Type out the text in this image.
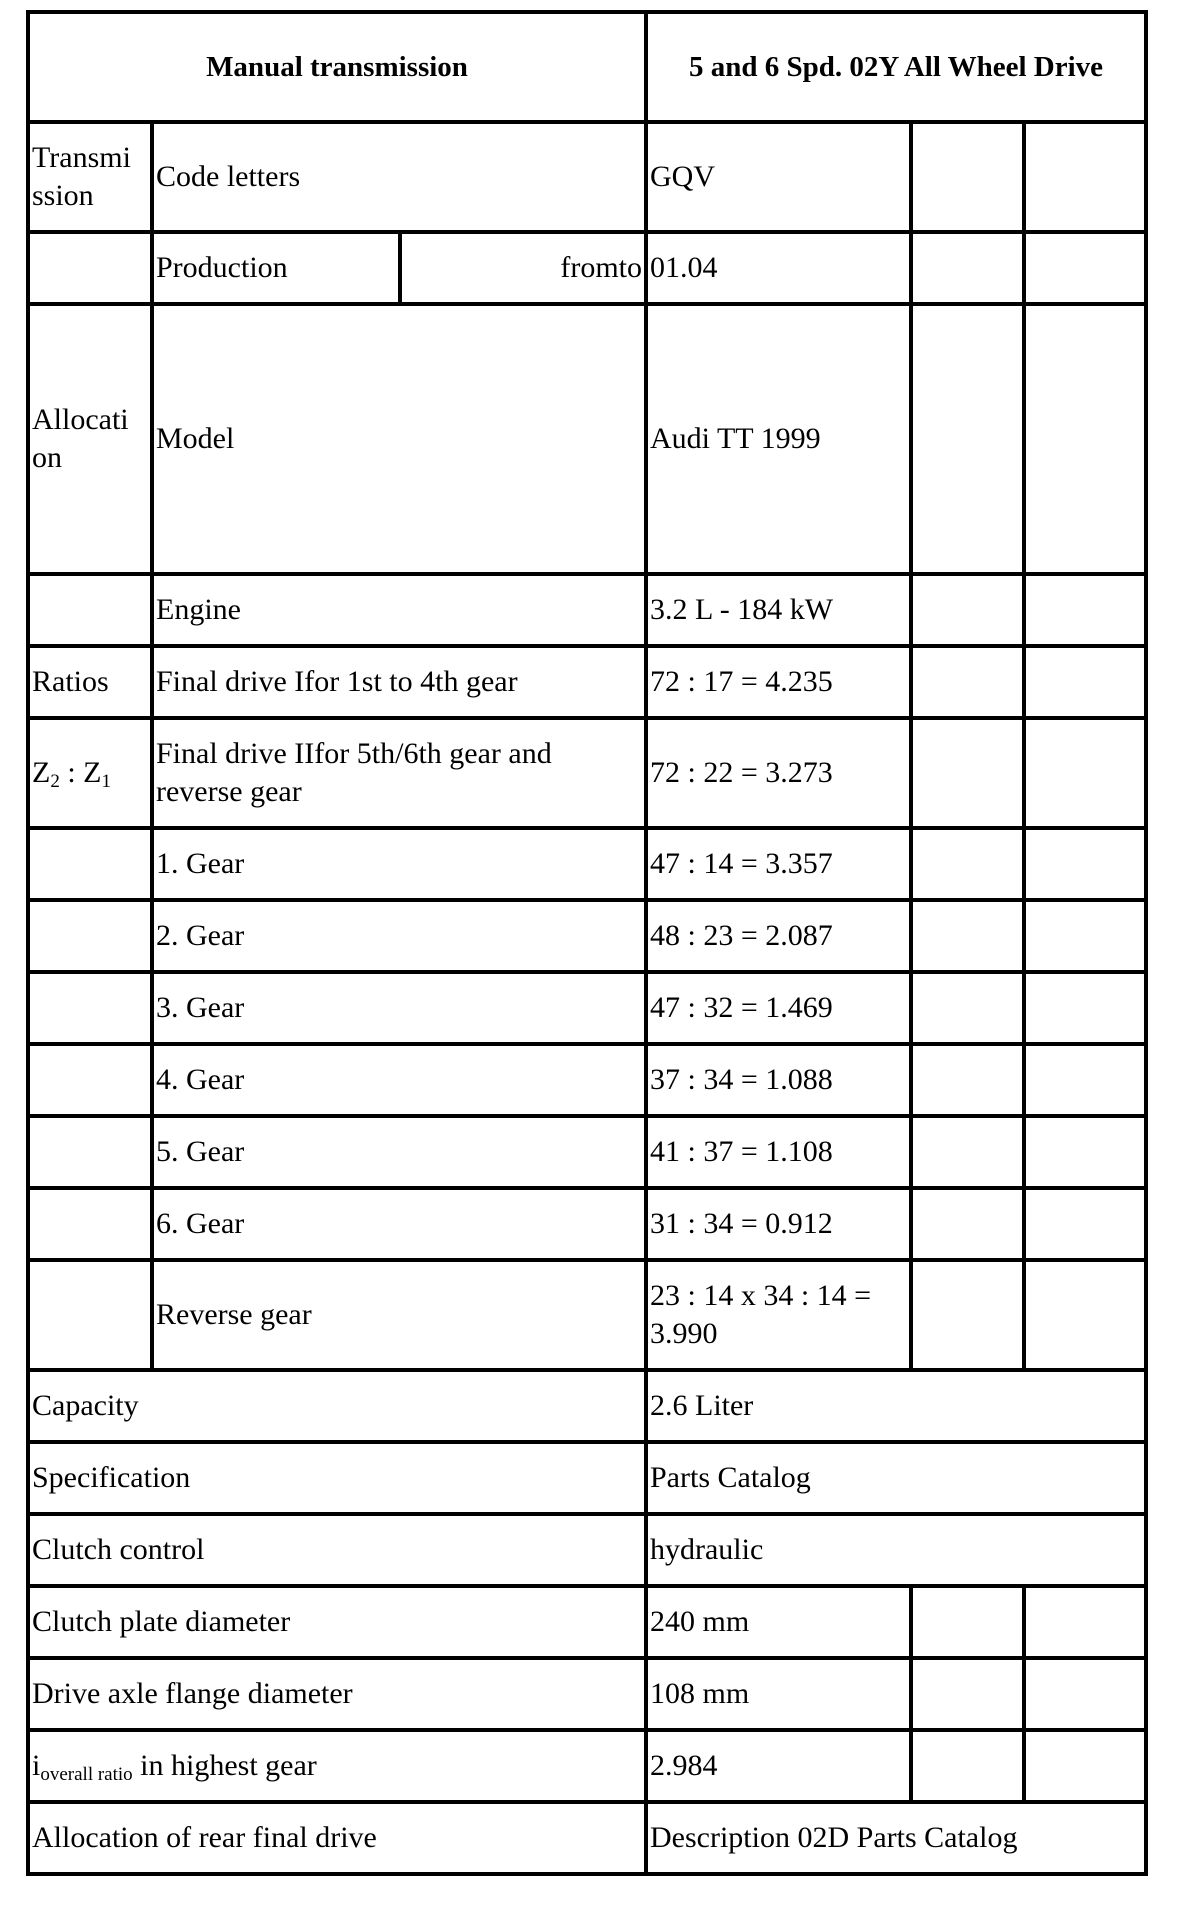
Manual transmission			5 and 6 Spd. 02Y All Wheel Drive		
Transmi ssion	Code letters		GQV		
	Production	fromto	01.04		
Allocati on	Model		Audi TT 1999		
	Engine		3.2 L - 184 kW		
Ratios	Final drive Ifor 1st to 4th gear		72 : 17 = 4.235		
$Z_2$ : $Z_1$	Final drive IIfor 5th/6th gear and reverse gear		72 : 22 = 3.273		
	1. Gear		47 : 14 = 3.357		
	2. Gear		48 : 23 = 2.087		
	3. Gear		47 : 32 = 1.469		
	4. Gear		37 : 34 = 1.088		
	5. Gear		41 : 37 = 1.108		
	6. Gear		31 : 34 = 0.912		
	Reverse gear		23 : 14 x 34 : 14 = 3.990		
Capacity			2.6 Liter		
Specification			Parts Catalog		
Clutch control			hydraulic		
Clutch plate diameter			240 mm		
Drive axle flange diameter			108 mm		
$i_{overall ratio}$ in highest gear			2.984		
Allocation of rear final drive			Description 02D Parts Catalog		
